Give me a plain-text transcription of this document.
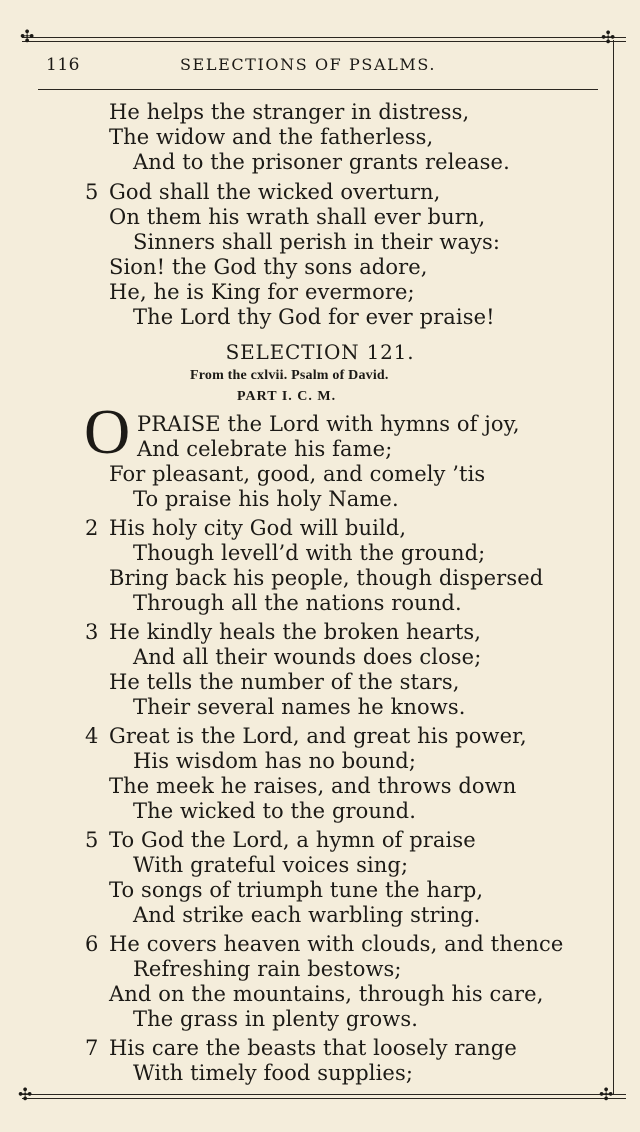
✣	✣
✣	✣
116	SELECTIONS OF PSALMS.
He helps the stranger in distress,
The widow and the fatherless,
And to the prisoner grants release.
5 God shall the wicked overturn,
On them his wrath shall ever burn,
Sinners shall perish in their ways:
Sion! the God thy sons adore,
He, he is King for evermore;
The Lord thy God for ever praise!
SELECTION 121.
From the cxlvii. Psalm of David.
PART I. C. M.
O PRAISE the Lord with hymns of joy,
And celebrate his fame;
For pleasant, good, and comely ’tis
To praise his holy Name.
2 His holy city God will build,
Though levell’d with the ground;
Bring back his people, though dispersed
Through all the nations round.
3 He kindly heals the broken hearts,
And all their wounds does close;
He tells the number of the stars,
Their several names he knows.
4 Great is the Lord, and great his power,
His wisdom has no bound;
The meek he raises, and throws down
The wicked to the ground.
5 To God the Lord, a hymn of praise
With grateful voices sing;
To songs of triumph tune the harp,
And strike each warbling string.
6 He covers heaven with clouds, and thence
Refreshing rain bestows;
And on the mountains, through his care,
The grass in plenty grows.
7 His care the beasts that loosely range
With timely food supplies;
